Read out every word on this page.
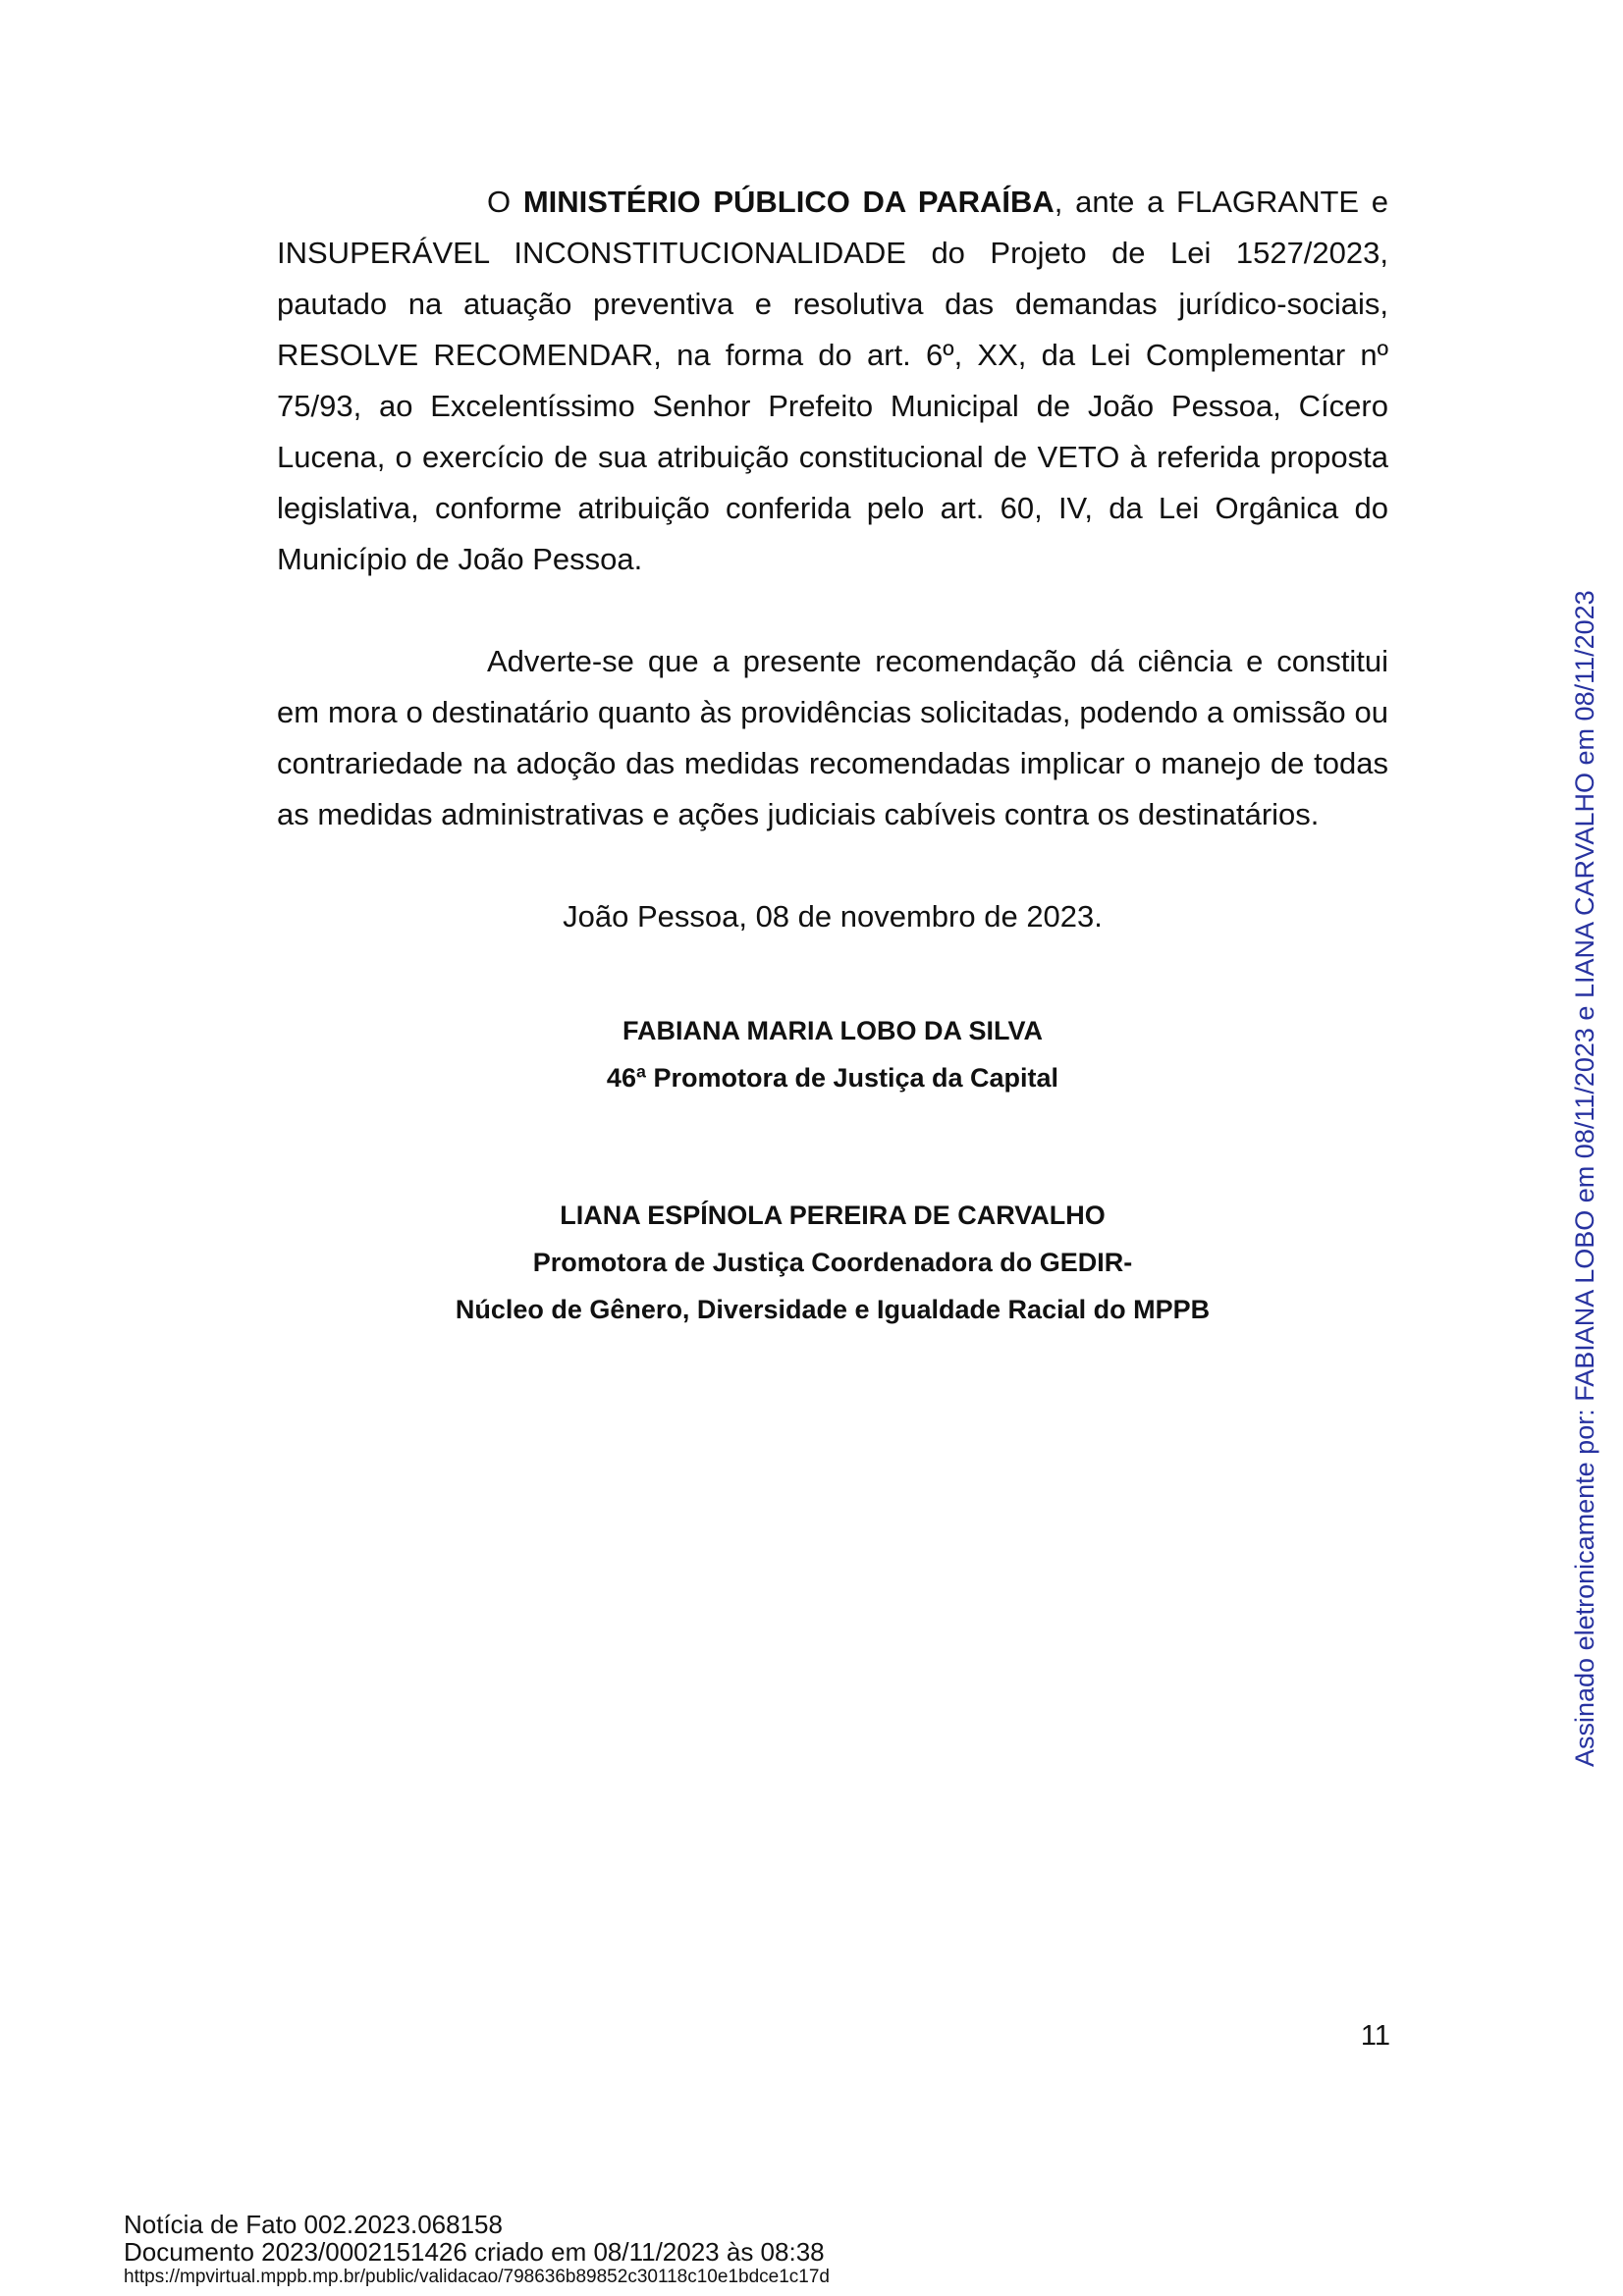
O MINISTÉRIO PÚBLICO DA PARAÍBA, ante a FLAGRANTE e INSUPERÁVEL INCONSTITUCIONALIDADE do Projeto de Lei 1527/2023, pautado na atuação preventiva e resolutiva das demandas jurídico-sociais, RESOLVE RECOMENDAR, na forma do art. 6º, XX, da Lei Complementar nº 75/93, ao Excelentíssimo Senhor Prefeito Municipal de João Pessoa, Cícero Lucena, o exercício de sua atribuição constitucional de VETO à referida proposta legislativa, conforme atribuição conferida pelo art. 60, IV, da Lei Orgânica do Município de João Pessoa.

Adverte-se que a presente recomendação dá ciência e constitui em mora o destinatário quanto às providências solicitadas, podendo a omissão ou contrariedade na adoção das medidas recomendadas implicar o manejo de todas as medidas administrativas e ações judiciais cabíveis contra os destinatários.

João Pessoa, 08 de novembro de 2023.
FABIANA MARIA LOBO DA SILVA
46ª Promotora de Justiça da Capital
LIANA ESPÍNOLA PEREIRA DE CARVALHO
Promotora de Justiça Coordenadora do GEDIR-
Núcleo de Gênero, Diversidade e Igualdade Racial do MPPB
11
Notícia de Fato 002.2023.068158
Documento 2023/0002151426 criado em 08/11/2023 às 08:38
https://mpvirtual.mppb.mp.br/public/validacao/798636b89852c30118c10e1bdce1c17d
Assinado eletronicamente por: FABIANA LOBO em 08/11/2023 e LIANA CARVALHO em 08/11/2023
